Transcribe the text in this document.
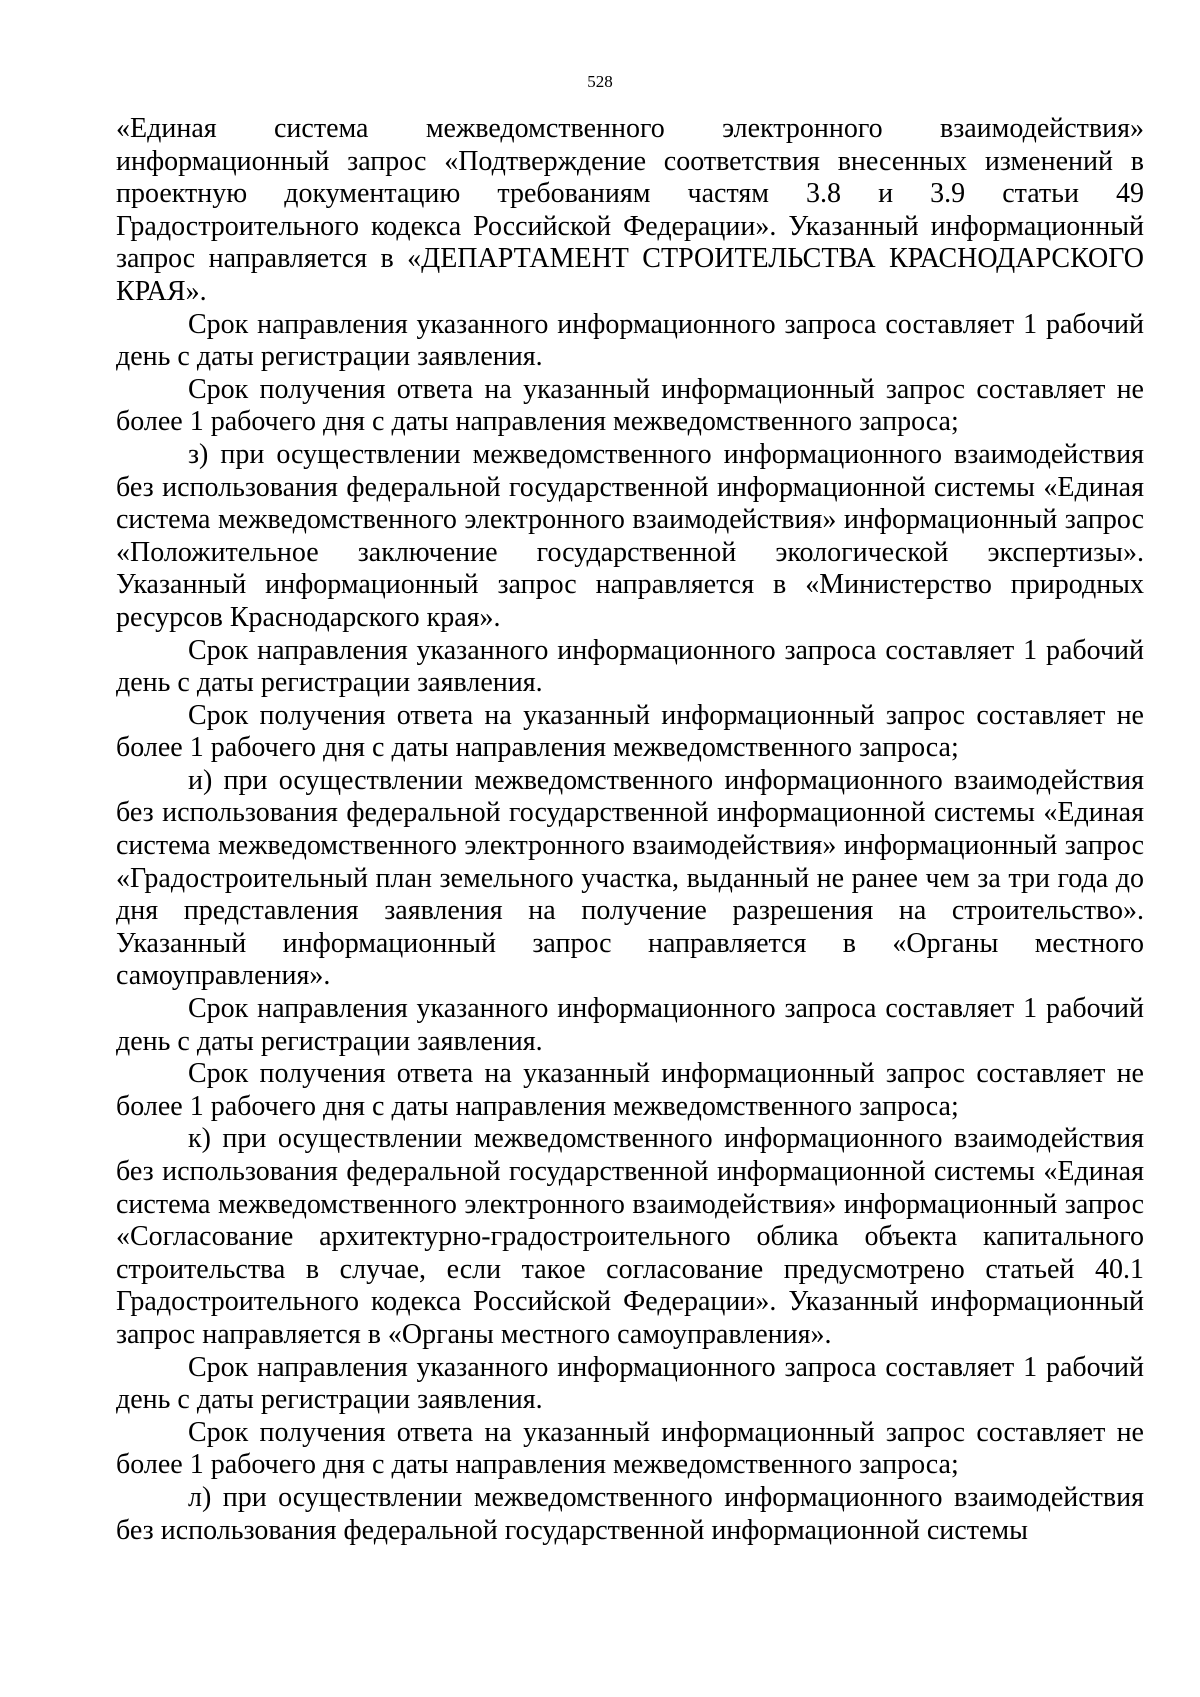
528

«Единая система межведомственного электронного взаимодействия» информационный запрос «Подтверждение соответствия внесенных изменений в проектную документацию требованиям частям 3.8 и 3.9 статьи 49 Градостроительного кодекса Российской Федерации». Указанный информационный запрос направляется в «ДЕПАРТАМЕНТ СТРОИТЕЛЬСТВА КРАСНОДАРСКОГО КРАЯ».

Срок направления указанного информационного запроса составляет 1 рабочий день с даты регистрации заявления.

Срок получения ответа на указанный информационный запрос составляет не более 1 рабочего дня с даты направления межведомственного запроса;

з) при осуществлении межведомственного информационного взаимодействия без использования федеральной государственной информационной системы «Единая система межведомственного электронного взаимодействия» информационный запрос «Положительное заключение государственной экологической экспертизы». Указанный информационный запрос направляется в «Министерство природных ресурсов Краснодарского края».

Срок направления указанного информационного запроса составляет 1 рабочий день с даты регистрации заявления.

Срок получения ответа на указанный информационный запрос составляет не более 1 рабочего дня с даты направления межведомственного запроса;

и) при осуществлении межведомственного информационного взаимодействия без использования федеральной государственной информационной системы «Единая система межведомственного электронного взаимодействия» информационный запрос «Градостроительный план земельного участка, выданный не ранее чем за три года до дня представления заявления на получение разрешения на строительство». Указанный информационный запрос направляется в «Органы местного самоуправления».

Срок направления указанного информационного запроса составляет 1 рабочий день с даты регистрации заявления.

Срок получения ответа на указанный информационный запрос составляет не более 1 рабочего дня с даты направления межведомственного запроса;

к) при осуществлении межведомственного информационного взаимодействия без использования федеральной государственной информационной системы «Единая система межведомственного электронного взаимодействия» информационный запрос «Согласование архитектурно-градостроительного облика объекта капитального строительства в случае, если такое согласование предусмотрено статьей 40.1 Градостроительного кодекса Российской Федерации». Указанный информационный запрос направляется в «Органы местного самоуправления».

Срок направления указанного информационного запроса составляет 1 рабочий день с даты регистрации заявления.

Срок получения ответа на указанный информационный запрос составляет не более 1 рабочего дня с даты направления межведомственного запроса;

л) при осуществлении межведомственного информационного взаимодействия без использования федеральной государственной информационной системы
